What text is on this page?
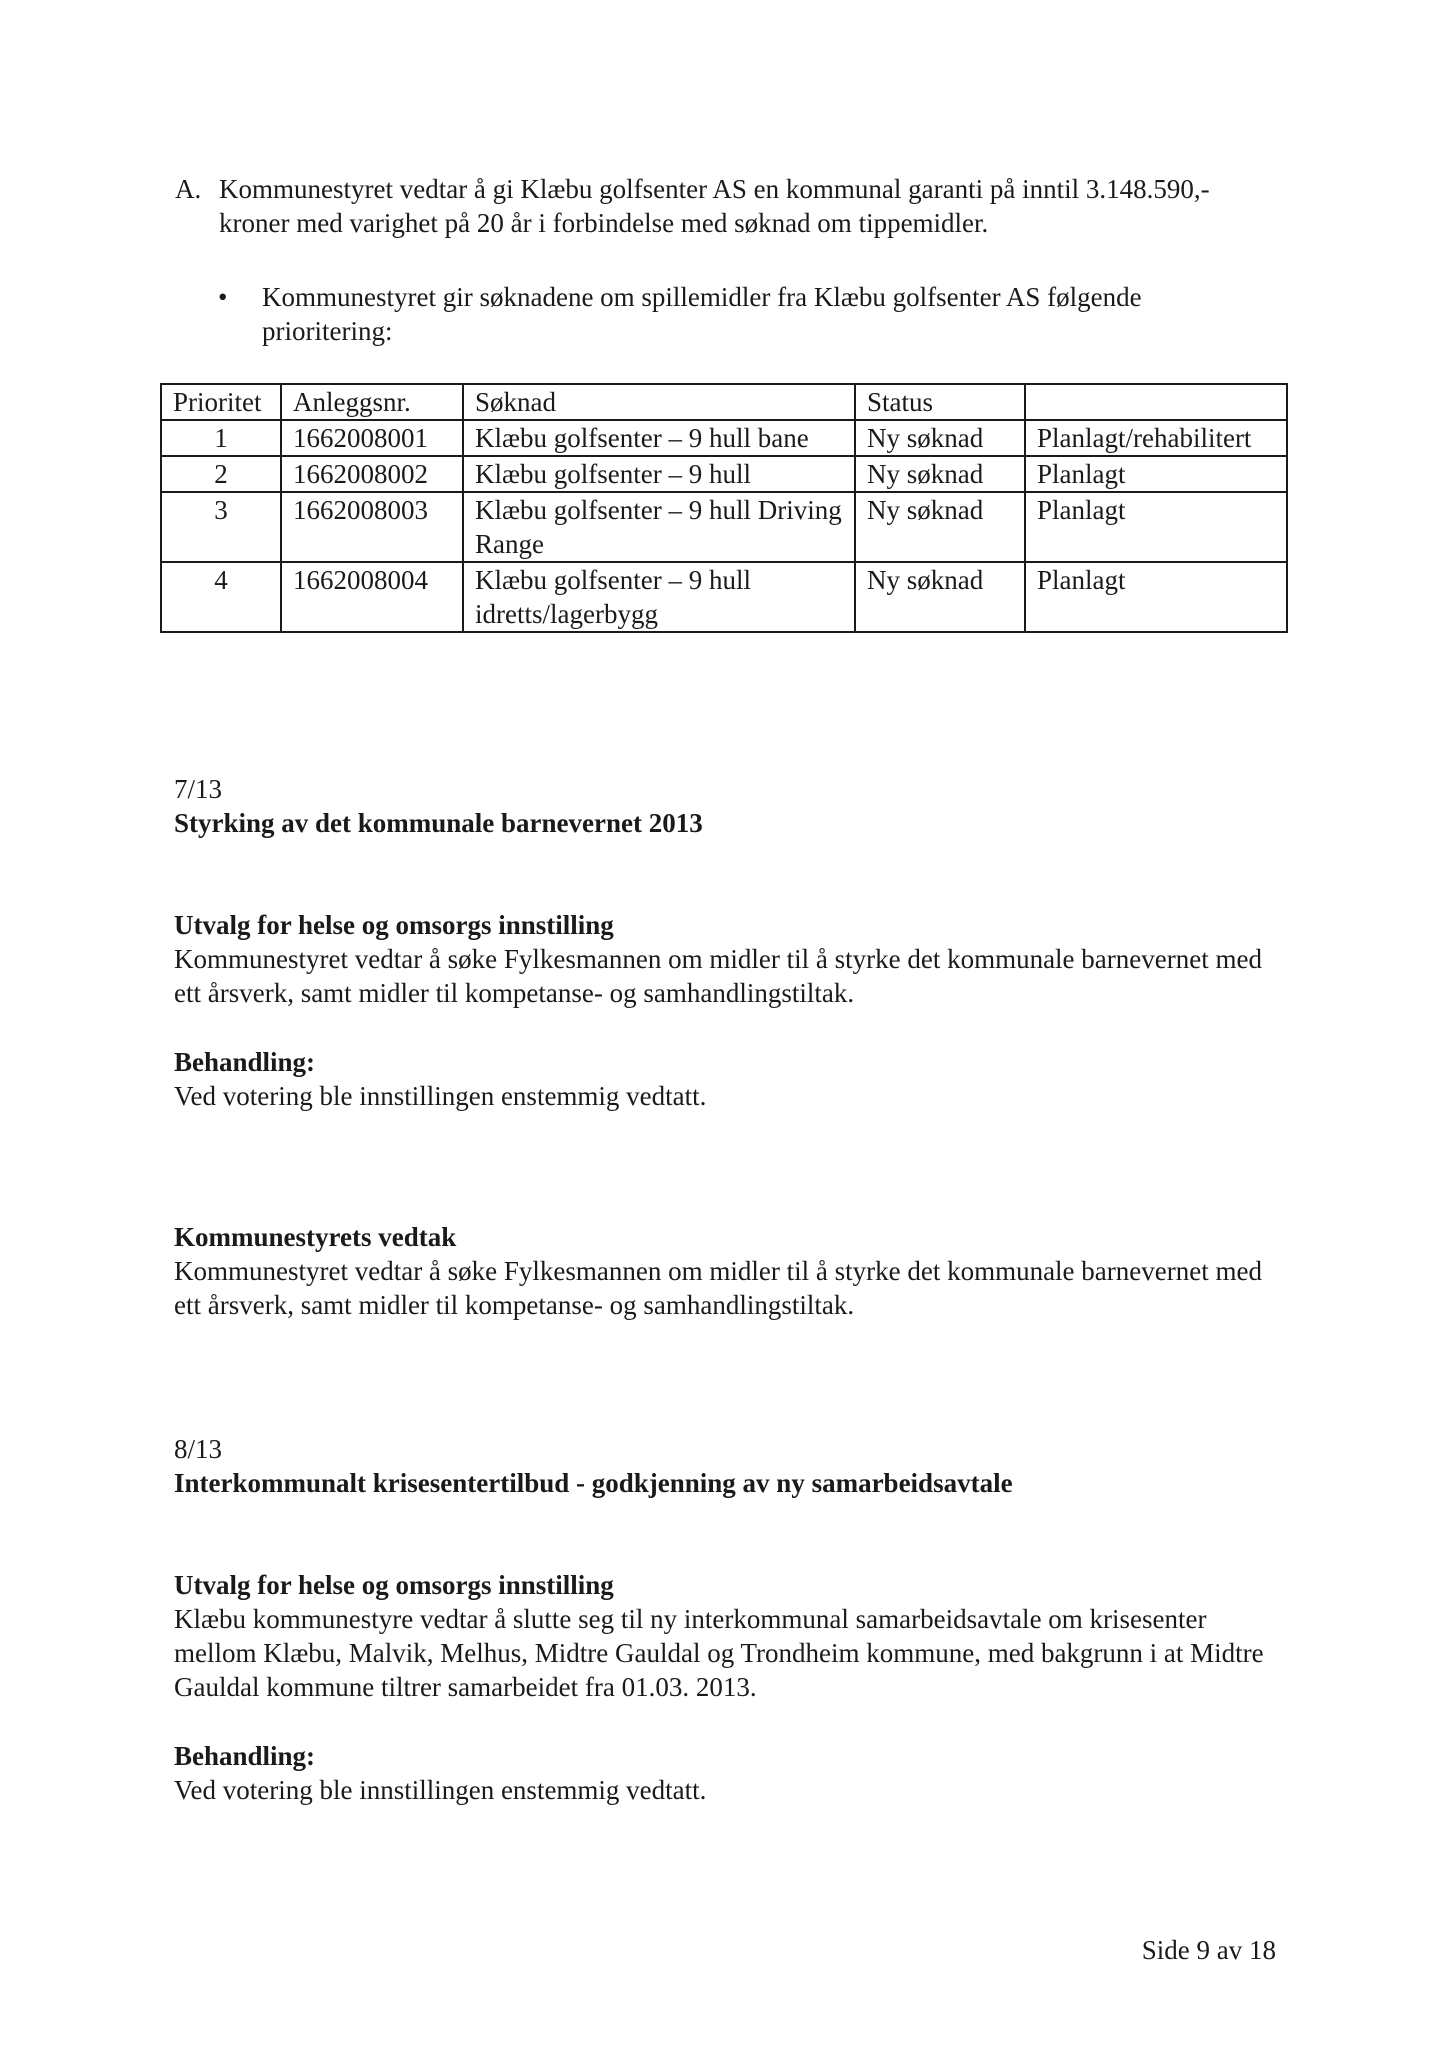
A. Kommunestyret vedtar å gi Klæbu golfsenter AS en kommunal garanti på inntil 3.148.590,- kroner med varighet på 20 år i forbindelse med søknad om tippemidler.
• Kommunestyret gir søknadene om spillemidler fra Klæbu golfsenter AS følgende prioritering:
Prioritet	Anleggsnr.	Søknad	Status	
1	1662008001	Klæbu golfsenter – 9 hull bane	Ny søknad	Planlagt/rehabilitert
2	1662008002	Klæbu golfsenter – 9 hull	Ny søknad	Planlagt
3	1662008003	Klæbu golfsenter – 9 hull Driving Range	Ny søknad	Planlagt
4	1662008004	Klæbu golfsenter – 9 hull idretts/lagerbygg	Ny søknad	Planlagt
7/13
Styrking av det kommunale barnevernet 2013
Utvalg for helse og omsorgs innstilling
Kommunestyret vedtar å søke Fylkesmannen om midler til å styrke det kommunale barnevernet med ett årsverk, samt midler til kompetanse- og samhandlingstiltak.
Behandling:
Ved votering ble innstillingen enstemmig vedtatt.
Kommunestyrets vedtak
Kommunestyret vedtar å søke Fylkesmannen om midler til å styrke det kommunale barnevernet med ett årsverk, samt midler til kompetanse- og samhandlingstiltak.
8/13
Interkommunalt krisesentertilbud - godkjenning av ny samarbeidsavtale
Utvalg for helse og omsorgs innstilling
Klæbu kommunestyre vedtar å slutte seg til ny interkommunal samarbeidsavtale om krisesenter mellom Klæbu, Malvik, Melhus, Midtre Gauldal og Trondheim kommune, med bakgrunn i at Midtre Gauldal kommune tiltrer samarbeidet fra 01.03. 2013.
Behandling:
Ved votering ble innstillingen enstemmig vedtatt.
Side 9 av 18
